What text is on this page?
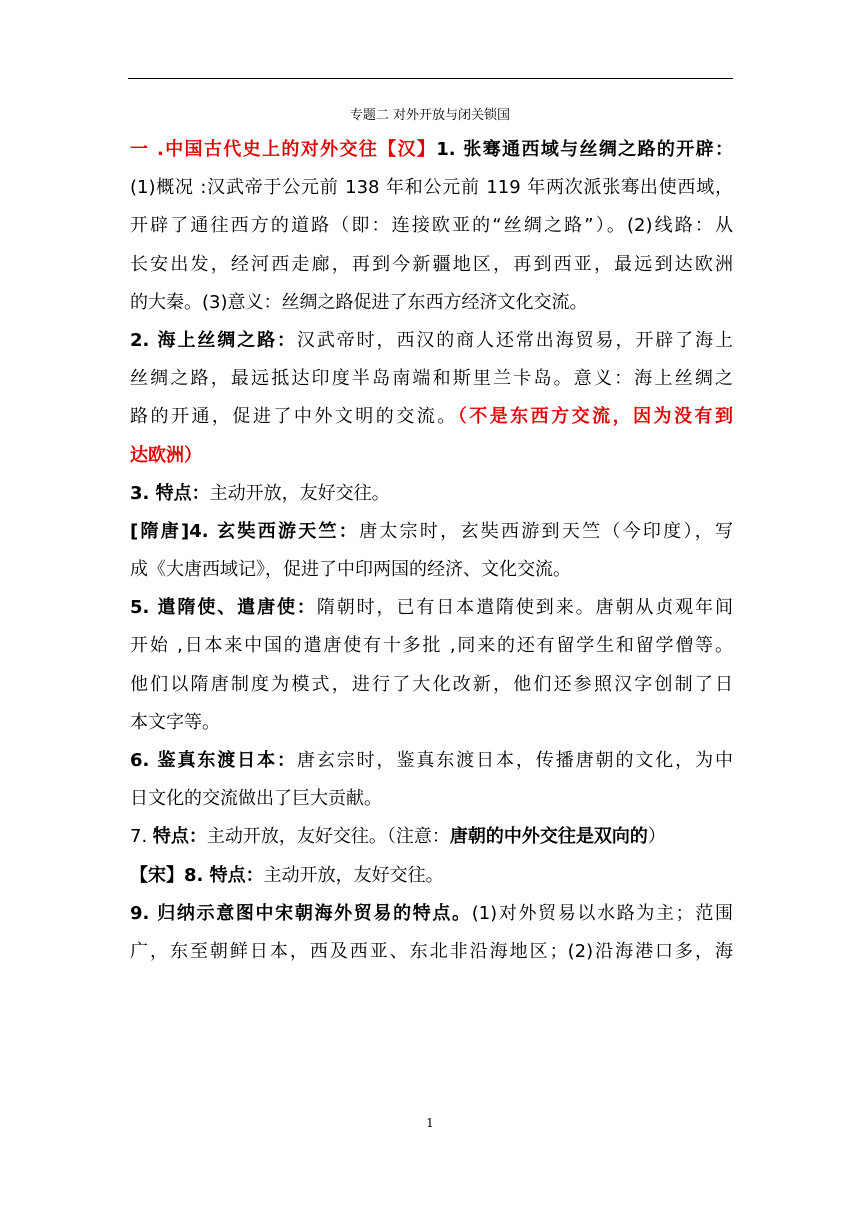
专题二 对外开放与闭关锁国
一 .中国古代史上的对外交往【汉】1. 张骞通西域与丝绸之路的开辟：
(1)概况 :汉武帝于公元前 138 年和公元前 119 年两次派张骞出使西域，
开辟了通往西方的道路（即：连接欧亚的“丝绸之路”）。(2)线路：从
长安出发，经河西走廊，再到今新疆地区，再到西亚，最远到达欧洲
的大秦。(3)意义：丝绸之路促进了东西方经济文化交流。
2. 海上丝绸之路：汉武帝时，西汉的商人还常出海贸易，开辟了海上
丝绸之路，最远抵达印度半岛南端和斯里兰卡岛。意义：海上丝绸之
路的开通，促进了中外文明的交流。（不是东西方交流，因为没有到
达欧洲）
3. 特点：主动开放，友好交往。
[隋唐]4. 玄奘西游天竺：唐太宗时，玄奘西游到天竺（今印度），写
成《大唐西域记》，促进了中印两国的经济、文化交流。
5. 遣隋使、遣唐使：隋朝时，已有日本遣隋使到来。唐朝从贞观年间
开始 ,日本来中国的遣唐使有十多批 ,同来的还有留学生和留学僧等。
他们以隋唐制度为模式，进行了大化改新，他们还参照汉字创制了日
本文字等。
6. 鉴真东渡日本：唐玄宗时，鉴真东渡日本，传播唐朝的文化，为中
日文化的交流做出了巨大贡献。
7. 特点：主动开放，友好交往。（注意：唐朝的中外交往是双向的）
【宋】8. 特点：主动开放，友好交往。
9. 归纳示意图中宋朝海外贸易的特点。(1)对外贸易以水路为主；范围
广，东至朝鲜日本，西及西亚、东北非沿海地区；(2)沿海港口多，海
1
